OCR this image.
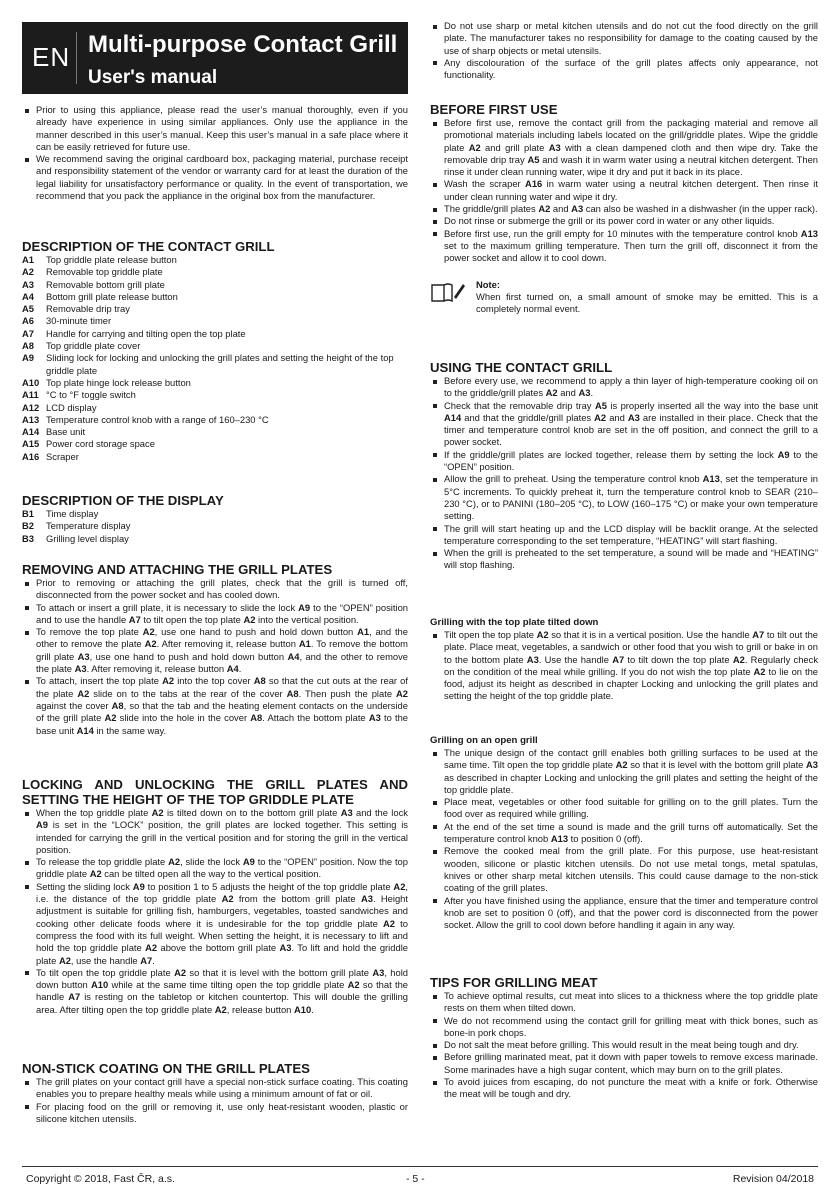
EN Multi-purpose Contact Grill
User's manual
Prior to using this appliance, please read the user’s manual thoroughly, even if you already have experience in using similar appliances. Only use the appliance in the manner described in this user’s manual. Keep this user’s manual in a safe place where it can be easily retrieved for future use.
We recommend saving the original cardboard box, packaging material, purchase receipt and responsibility statement of the vendor or warranty card for at least the duration of the legal liability for unsatisfactory performance or quality. In the event of transportation, we recommend that you pack the appliance in the original box from the manufacturer.
DESCRIPTION OF THE CONTACT GRILL
A1	Top griddle plate release button
A2	Removable top griddle plate
A3	Removable bottom grill plate
A4	Bottom grill plate release button
A5	Removable drip tray
A6	30-minute timer
A7	Handle for carrying and tilting open the top plate
A8	Top griddle plate cover
A9	Sliding lock for locking and unlocking the grill plates and setting the height of the top griddle plate
A10 Top plate hinge lock release button
A11 °C to °F toggle switch
A12 LCD display
A13 Temperature control knob with a range of 160–230 °C
A14 Base unit
A15 Power cord storage space
A16 Scraper
DESCRIPTION OF THE DISPLAY
B1	Time display
B2	Temperature display
B3	Grilling level display
REMOVING AND ATTACHING THE GRILL PLATES
Prior to removing or attaching the grill plates, check that the grill is turned off, disconnected from the power socket and has cooled down.
To attach or insert a grill plate, it is necessary to slide the lock A9 to the “OPEN” position and to use the handle A7 to tilt open the top plate A2 into the vertical position.
To remove the top plate A2, use one hand to push and hold down button A1, and the other to remove the plate A2. After removing it, release button A1. To remove the bottom grill plate A3, use one hand to push and hold down button A4, and the other to remove the plate A3. After removing it, release button A4.
To attach, insert the top plate A2 into the top cover A8 so that the cut outs at the rear of the plate A2 slide on to the tabs at the rear of the cover A8. Then push the plate A2 against the cover A8, so that the tab and the heating element contacts on the underside of the grill plate A2 slide into the hole in the cover A8. Attach the bottom plate A3 to the base unit A14 in the same way.
LOCKING AND UNLOCKING THE GRILL PLATES AND SETTING THE HEIGHT OF THE TOP GRIDDLE PLATE
When the top griddle plate A2 is tilted down on to the bottom grill plate A3 and the lock A9 is set in the “LOCK” position, the grill plates are locked together. This setting is intended for carrying the grill in the vertical position and for storing the grill in the vertical position.
To release the top griddle plate A2, slide the lock A9 to the “OPEN” position. Now the top griddle plate A2 can be tilted open all the way to the vertical position.
Setting the sliding lock A9 to position 1 to 5 adjusts the height of the top griddle plate A2, i.e. the distance of the top griddle plate A2 from the bottom grill plate A3. Height adjustment is suitable for grilling fish, hamburgers, vegetables, toasted sandwiches and cooking other delicate foods where it is undesirable for the top griddle plate A2 to compress the food with its full weight. When setting the height, it is necessary to lift and hold the top griddle plate A2 above the bottom grill plate A3. To lift and hold the griddle plate A2, use the handle A7.
To tilt open the top griddle plate A2 so that it is level with the bottom grill plate A3, hold down button A10 while at the same time tilting open the top griddle plate A2 so that the handle A7 is resting on the tabletop or kitchen countertop. This will double the grilling area. After tilting open the top griddle plate A2, release button A10.
NON-STICK COATING ON THE GRILL PLATES
The grill plates on your contact grill have a special non-stick surface coating. This coating enables you to prepare healthy meals while using a minimum amount of fat or oil.
For placing food on the grill or removing it, use only heat-resistant wooden, plastic or silicone kitchen utensils.
Do not use sharp or metal kitchen utensils and do not cut the food directly on the grill plate. The manufacturer takes no responsibility for damage to the coating caused by the use of sharp objects or metal utensils.
Any discolouration of the surface of the grill plates affects only appearance, not functionality.
BEFORE FIRST USE
Before first use, remove the contact grill from the packaging material and remove all promotional materials including labels located on the grill/griddle plates. Wipe the griddle plate A2 and grill plate A3 with a clean dampened cloth and then wipe dry. Take the removable drip tray A5 and wash it in warm water using a neutral kitchen detergent. Then rinse it under clean running water, wipe it dry and put it back in its place.
Wash the scraper A16 in warm water using a neutral kitchen detergent. Then rinse it under clean running water and wipe it dry.
The griddle/grill plates A2 and A3 can also be washed in a dishwasher (in the upper rack).
Do not rinse or submerge the grill or its power cord in water or any other liquids.
Before first use, run the grill empty for 10 minutes with the temperature control knob A13 set to the maximum grilling temperature. Then turn the grill off, disconnect it from the power socket and allow it to cool down.
Note:
When first turned on, a small amount of smoke may be emitted. This is a completely normal event.
USING THE CONTACT GRILL
Before every use, we recommend to apply a thin layer of high-temperature cooking oil on to the griddle/grill plates A2 and A3.
Check that the removable drip tray A5 is properly inserted all the way into the base unit A14 and that the griddle/grill plates A2 and A3 are installed in their place. Check that the timer and temperature control knob are set in the off position, and connect the grill to a power socket.
If the griddle/grill plates are locked together, release them by setting the lock A9 to the “OPEN” position.
Allow the grill to preheat. Using the temperature control knob A13, set the temperature in 5°C increments. To quickly preheat it, turn the temperature control knob to SEAR (210–230 °C), or to PANINI (180–205 °C), to LOW (160–175 °C) or make your own temperature setting.
The grill will start heating up and the LCD display will be backlit orange. At the selected temperature corresponding to the set temperature, “HEATING” will start flashing.
When the grill is preheated to the set temperature, a sound will be made and “HEATING” will stop flashing.
Grilling with the top plate tilted down
Tilt open the top plate A2 so that it is in a vertical position. Use the handle A7 to tilt out the plate. Place meat, vegetables, a sandwich or other food that you wish to grill or bake in on to the bottom plate A3. Use the handle A7 to tilt down the top plate A2. Regularly check on the condition of the meal while grilling. If you do not wish the top plate A2 to lie on the food, adjust its height as described in chapter Locking and unlocking the grill plates and setting the height of the top griddle plate.
Grilling on an open grill
The unique design of the contact grill enables both grilling surfaces to be used at the same time. Tilt open the top griddle plate A2 so that it is level with the bottom grill plate A3 as described in chapter Locking and unlocking the grill plates and setting the height of the top griddle plate.
Place meat, vegetables or other food suitable for grilling on to the grill plates. Turn the food over as required while grilling.
At the end of the set time a sound is made and the grill turns off automatically. Set the temperature control knob A13 to position 0 (off).
Remove the cooked meal from the grill plate. For this purpose, use heat-resistant wooden, silicone or plastic kitchen utensils. Do not use metal tongs, metal spatulas, knives or other sharp metal kitchen utensils. This could cause damage to the non-stick coating of the grill plates.
After you have finished using the appliance, ensure that the timer and temperature control knob are set to position 0 (off), and that the power cord is disconnected from the power socket. Allow the grill to cool down before handling it again in any way.
TIPS FOR GRILLING MEAT
To achieve optimal results, cut meat into slices to a thickness where the top griddle plate rests on them when tilted down.
We do not recommend using the contact grill for grilling meat with thick bones, such as bone-in pork chops.
Do not salt the meat before grilling. This would result in the meat being tough and dry.
Before grilling marinated meat, pat it down with paper towels to remove excess marinade. Some marinades have a high sugar content, which may burn on to the grill plates.
To avoid juices from escaping, do not puncture the meat with a knife or fork. Otherwise the meat will be tough and dry.
Copyright © 2018, Fast ČR, a.s.	- 5 -	Revision 04/2018
